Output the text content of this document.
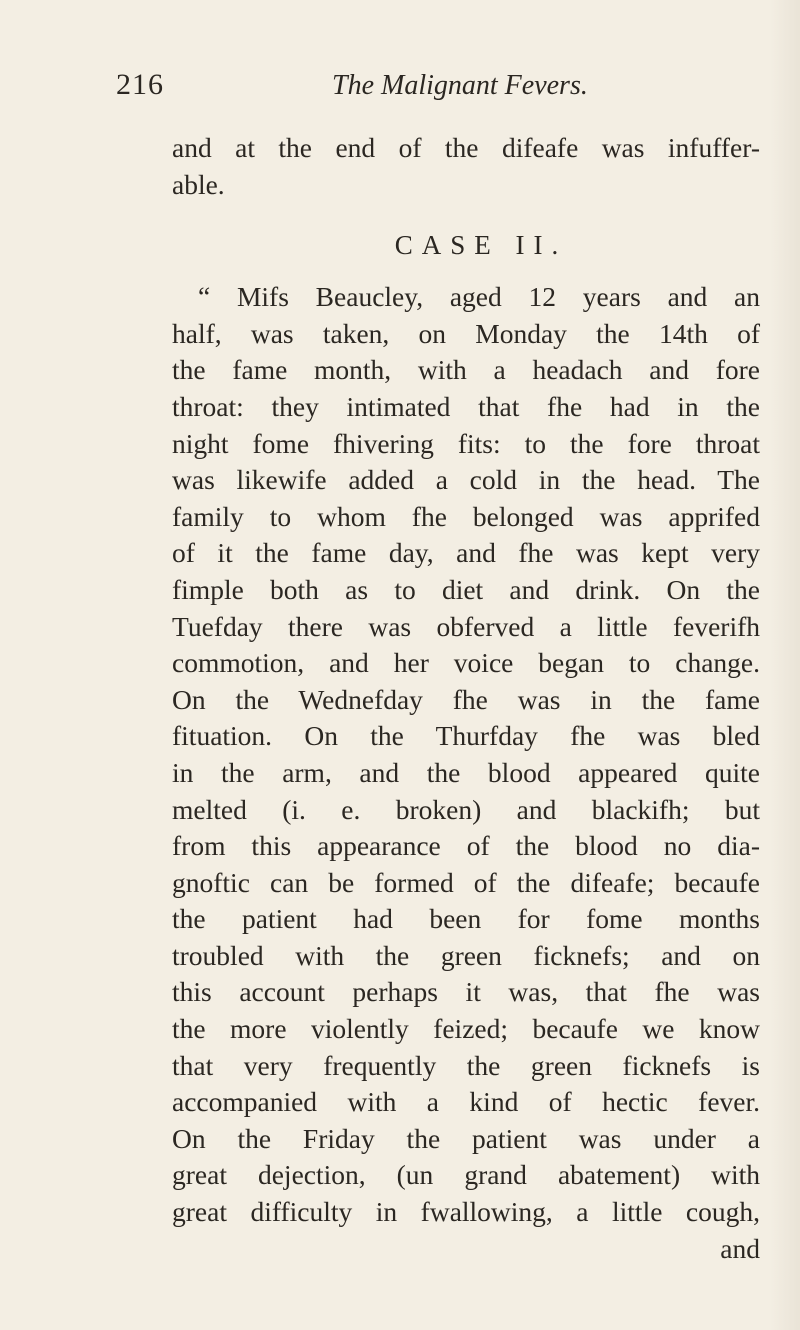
216	The Malignant Fevers.
and at the end of the difeafe was infuffer-
able.
CASE II.
“ Mifs Beaucley, aged 12 years and an
half, was taken, on Monday the 14th of
the fame month, with a headach and fore
throat: they intimated that fhe had in the
night fome fhivering fits: to the fore throat
was likewife added a cold in the head. The
family to whom fhe belonged was apprifed
of it the fame day, and fhe was kept very
fimple both as to diet and drink. On the
Tuefday there was obferved a little feverifh
commotion, and her voice began to change.
On the Wednefday fhe was in the fame
fituation. On the Thurfday fhe was bled
in the arm, and the blood appeared quite
melted (i. e. broken) and blackifh; but
from this appearance of the blood no dia-
gnoftic can be formed of the difeafe; becaufe
the patient had been for fome months
troubled with the green ficknefs; and on
this account perhaps it was, that fhe was
the more violently feized; becaufe we know
that very frequently the green ficknefs is
accompanied with a kind of hectic fever.
On the Friday the patient was under a
great dejection, (un grand abatement) with
great difficulty in fwallowing, a little cough,
and
